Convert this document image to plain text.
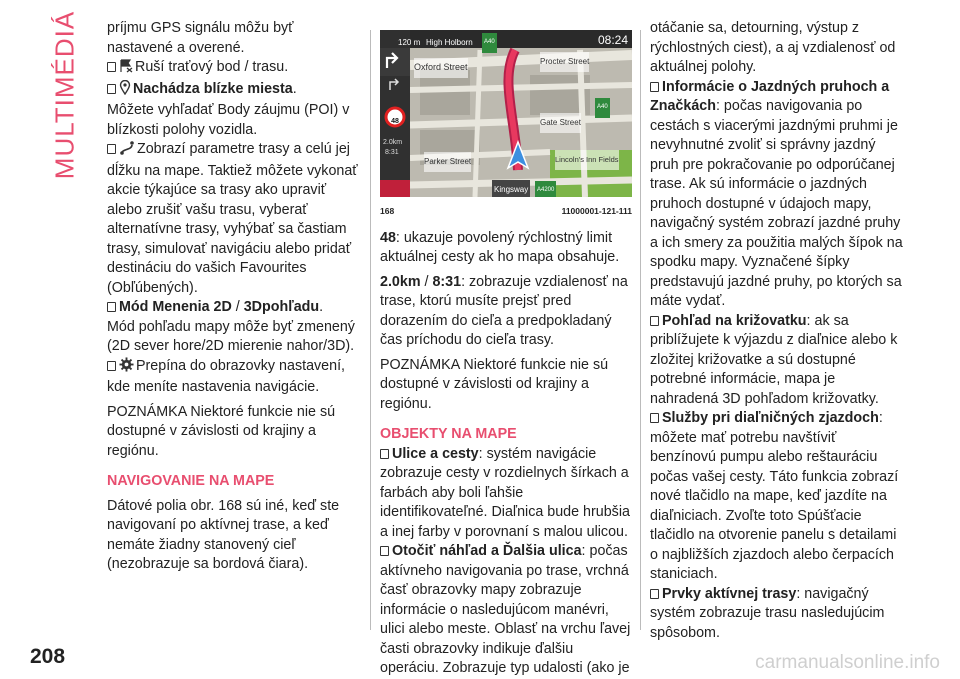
MULTIMÉDIÁ príjmu GPS signálu môžu byť nastavené a overené.

Ruší traťový bod / trasu.

Nachádza blízke miesta.

Môžete vyhľadať Body záujmu (POI) v blízkosti polohy vozidla.

Zobrazí parametre trasy a celú jej dĺžku na mape. Taktiež môžete vykonať akcie týkajúce sa trasy ako upraviť alebo zrušiť vašu trasu, vyberať alternatívne trasy, vyhýbať sa častiam trasy, simulovať navigáciu alebo pridať destináciu do vašich Favourites (Obľúbených).

Mód Menenia 2D / 3Dpohľadu.

Mód pohľadu mapy môže byť zmenený (2D sever hore/2D mierenie nahor/3D).

Prepína do obrazovky nastavení, kde meníte nastavenia navigácie.

POZNÁMKA Niektoré funkcie nie sú dostupné v závislosti od krajiny a regiónu.

NAVIGOVANIE NA MAPE

Dátové polia obr. 168 sú iné, keď ste navigovaní po aktívnej trase, a keď nemáte žiadny stanovený cieľ (nezobrazuje sa bordová čiara).

120 m High Holborn	A40	08:24
48
2.0km
8:31
Oxford Street
Procter Street
Gate Street
Parker Street	Lincoln's Inn Fields
Kingsway
A40
A4200
168	11000001-121-111

48: ukazuje povolený rýchlostný limit aktuálnej cesty ak ho mapa obsahuje.

2.0km / 8:31: zobrazuje vzdialenosť na trase, ktorú musíte prejsť pred dorazením do cieľa a predpokladaný čas príchodu do cieľa trasy.

POZNÁMKA Niektoré funkcie nie sú dostupné v závislosti od krajiny a regiónu.

OBJEKTY NA MAPE

Ulice a cesty: systém navigácie zobrazuje cesty v rozdielnych šírkach a farbách aby boli ľahšie identifikovateľné. Diaľnica bude hrubšia a inej farby v porovnaní s malou ulicou.

Otočiť náhľad a Ďalšia ulica: počas aktívneho navigovania po trase, vrchná časť obrazovky mapy zobrazuje informácie o nasledujúcom manévri, ulici alebo meste. Oblasť na vrchu ľavej časti obrazovky indikuje ďalšiu operáciu. Zobrazuje typ udalosti (ako je

otáčanie sa, detourning, výstup z rýchlostných ciest), a aj vzdialenosť od aktuálnej polohy.

Informácie o Jazdných pruhoch a Značkách: počas navigovania po cestách s viacerými jazdnými pruhmi je nevyhnutné zvoliť si správny jazdný pruh pre pokračovanie po odporúčanej trase. Ak sú informácie o jazdných pruhoch dostupné v údajoch mapy, navigačný systém zobrazí jazdné pruhy a ich smery za použitia malých šípok na spodku mapy. Vyznačené šípky predstavujú jazdné pruhy, po ktorých sa máte vydať.

Pohľad na križovatku: ak sa priblížujete k výjazdu z diaľnice alebo k zložitej križovatke a sú dostupné potrebné informácie, mapa je nahradená 3D pohľadom križovatky.

Služby pri diaľničných zjazdoch: môžete mať potrebu navštíviť benzínovú pumpu alebo reštauráciu počas vašej cesty. Táto funkcia zobrazí nové tlačidlo na mape, keď jazdíte na diaľniciach. Zvoľte toto Spúšťacie tlačidlo na otvorenie panelu s detailami o najbližších zjazdoch alebo čerpacích staniciach.

Prvky aktívnej trasy: navigačný systém zobrazuje trasu nasledujúcim spôsobom.

208	carmanualsonline.info
